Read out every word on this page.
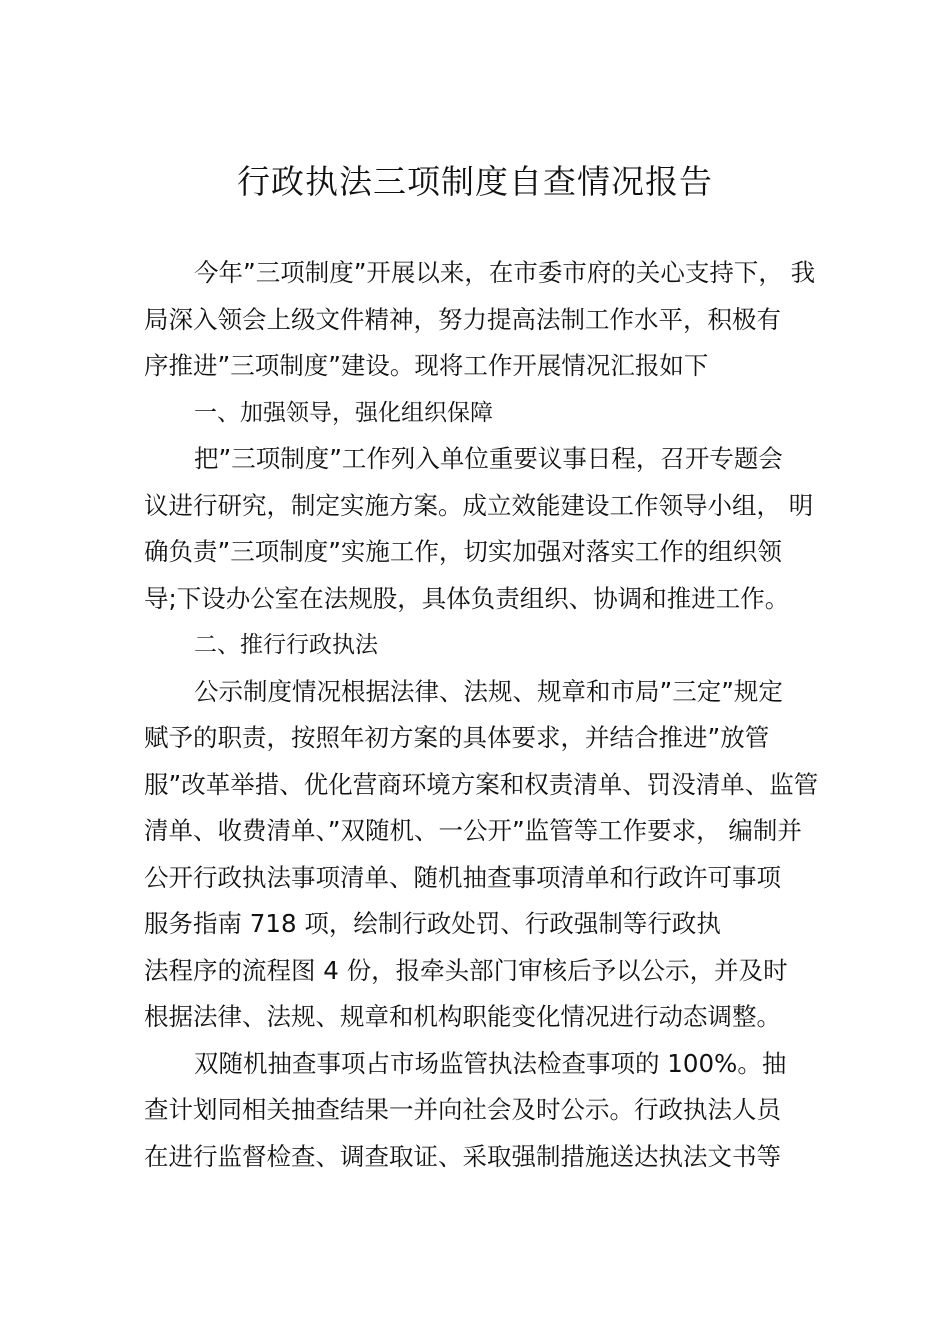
行政执法三项制度自查情况报告
今年”三项制度”开展以来，在市委市府的关心支持下， 我
局深入领会上级文件精神，努力提高法制工作水平，积极有
序推进”三项制度”建设。现将工作开展情况汇报如下
一、加强领导，强化组织保障
把”三项制度”工作列入单位重要议事日程，召开专题会
议进行研究，制定实施方案。成立效能建设工作领导小组， 明
确负责”三项制度”实施工作，切实加强对落实工作的组织领
导;下设办公室在法规股，具体负责组织、协调和推进工作。
二、推行行政执法
公示制度情况根据法律、法规、规章和市局”三定”规定
赋予的职责，按照年初方案的具体要求，并结合推进”放管
服”改革举措、优化营商环境方案和权责清单、罚没清单、监管
清单、收费清单、”双随机、一公开”监管等工作要求， 编制并
公开行政执法事项清单、随机抽查事项清单和行政许可事项
服务指南 718 项，绘制行政处罚、行政强制等行政执
法程序的流程图 4 份，报牵头部门审核后予以公示，并及时
根据法律、法规、规章和机构职能变化情况进行动态调整。
双随机抽查事项占市场监管执法检查事项的 100%。抽
查计划同相关抽查结果一并向社会及时公示。行政执法人员
在进行监督检查、调查取证、采取强制措施送达执法文书等
